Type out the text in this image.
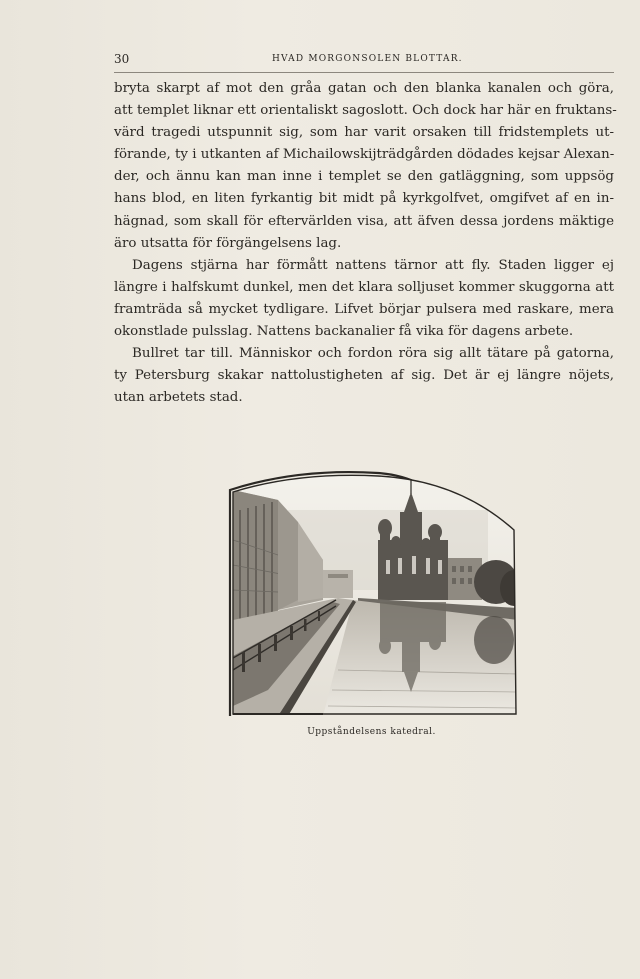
30	HVAD MORGONSOLEN BLOTTAR.
bryta skarpt af mot den gråa gatan och den blanka kanalen och göra,
att templet liknar ett orientaliskt sagoslott. Och dock har här en fruktans-
värd tragedi utspunnit sig, som har varit orsaken till fridstemplets ut-
förande, ty i utkanten af Michailowskijträdgården dödades kejsar Alexan-
der, och ännu kan man inne i templet se den gatläggning, som uppsög
hans blod, en liten fyrkantig bit midt på kyrkgolfvet, omgifvet af en in-
hägnad, som skall för eftervärlden visa, att äfven dessa jordens mäktige
äro utsatta för förgängelsens lag.
Dagens stjärna har förmått nattens tärnor att fly. Staden ligger ej
längre i halfskumt dunkel, men det klara solljuset kommer skuggorna att
framträda så mycket tydligare. Lifvet börjar pulsera med raskare, mera
okonstlade pulsslag. Nattens backanalier få vika för dagens arbete.
Bullret tar till. Människor och fordon röra sig allt tätare på gatorna,
ty Petersburg skakar nattolustigheten af sig. Det är ej längre nöjets,
utan arbetets stad.
Uppståndelsens katedral.
